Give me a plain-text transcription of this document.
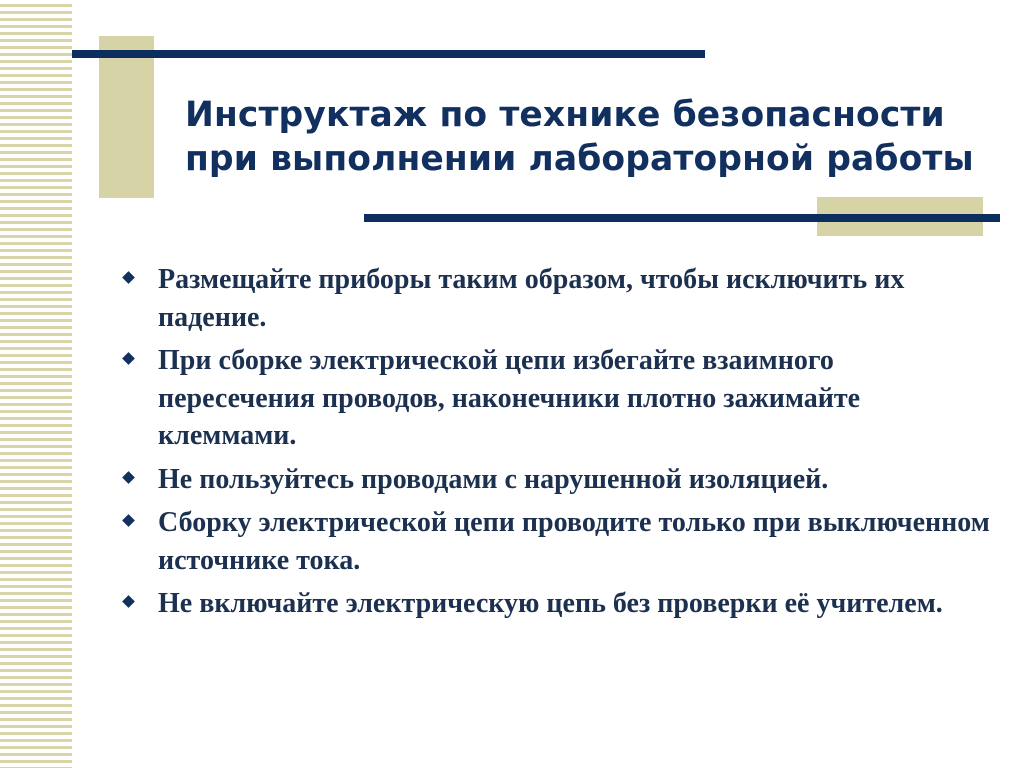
Инструктаж по технике безопасности
при выполнении лабораторной работы
Размещайте приборы таким образом, чтобы исключить их падение.
При сборке электрической цепи избегайте взаимного пересечения проводов, наконечники плотно зажимайте клеммами.
Не пользуйтесь проводами с нарушенной изоляцией.
Сборку электрической цепи проводите только при выключенном источнике тока.
Не включайте электрическую цепь без проверки её учителем.
